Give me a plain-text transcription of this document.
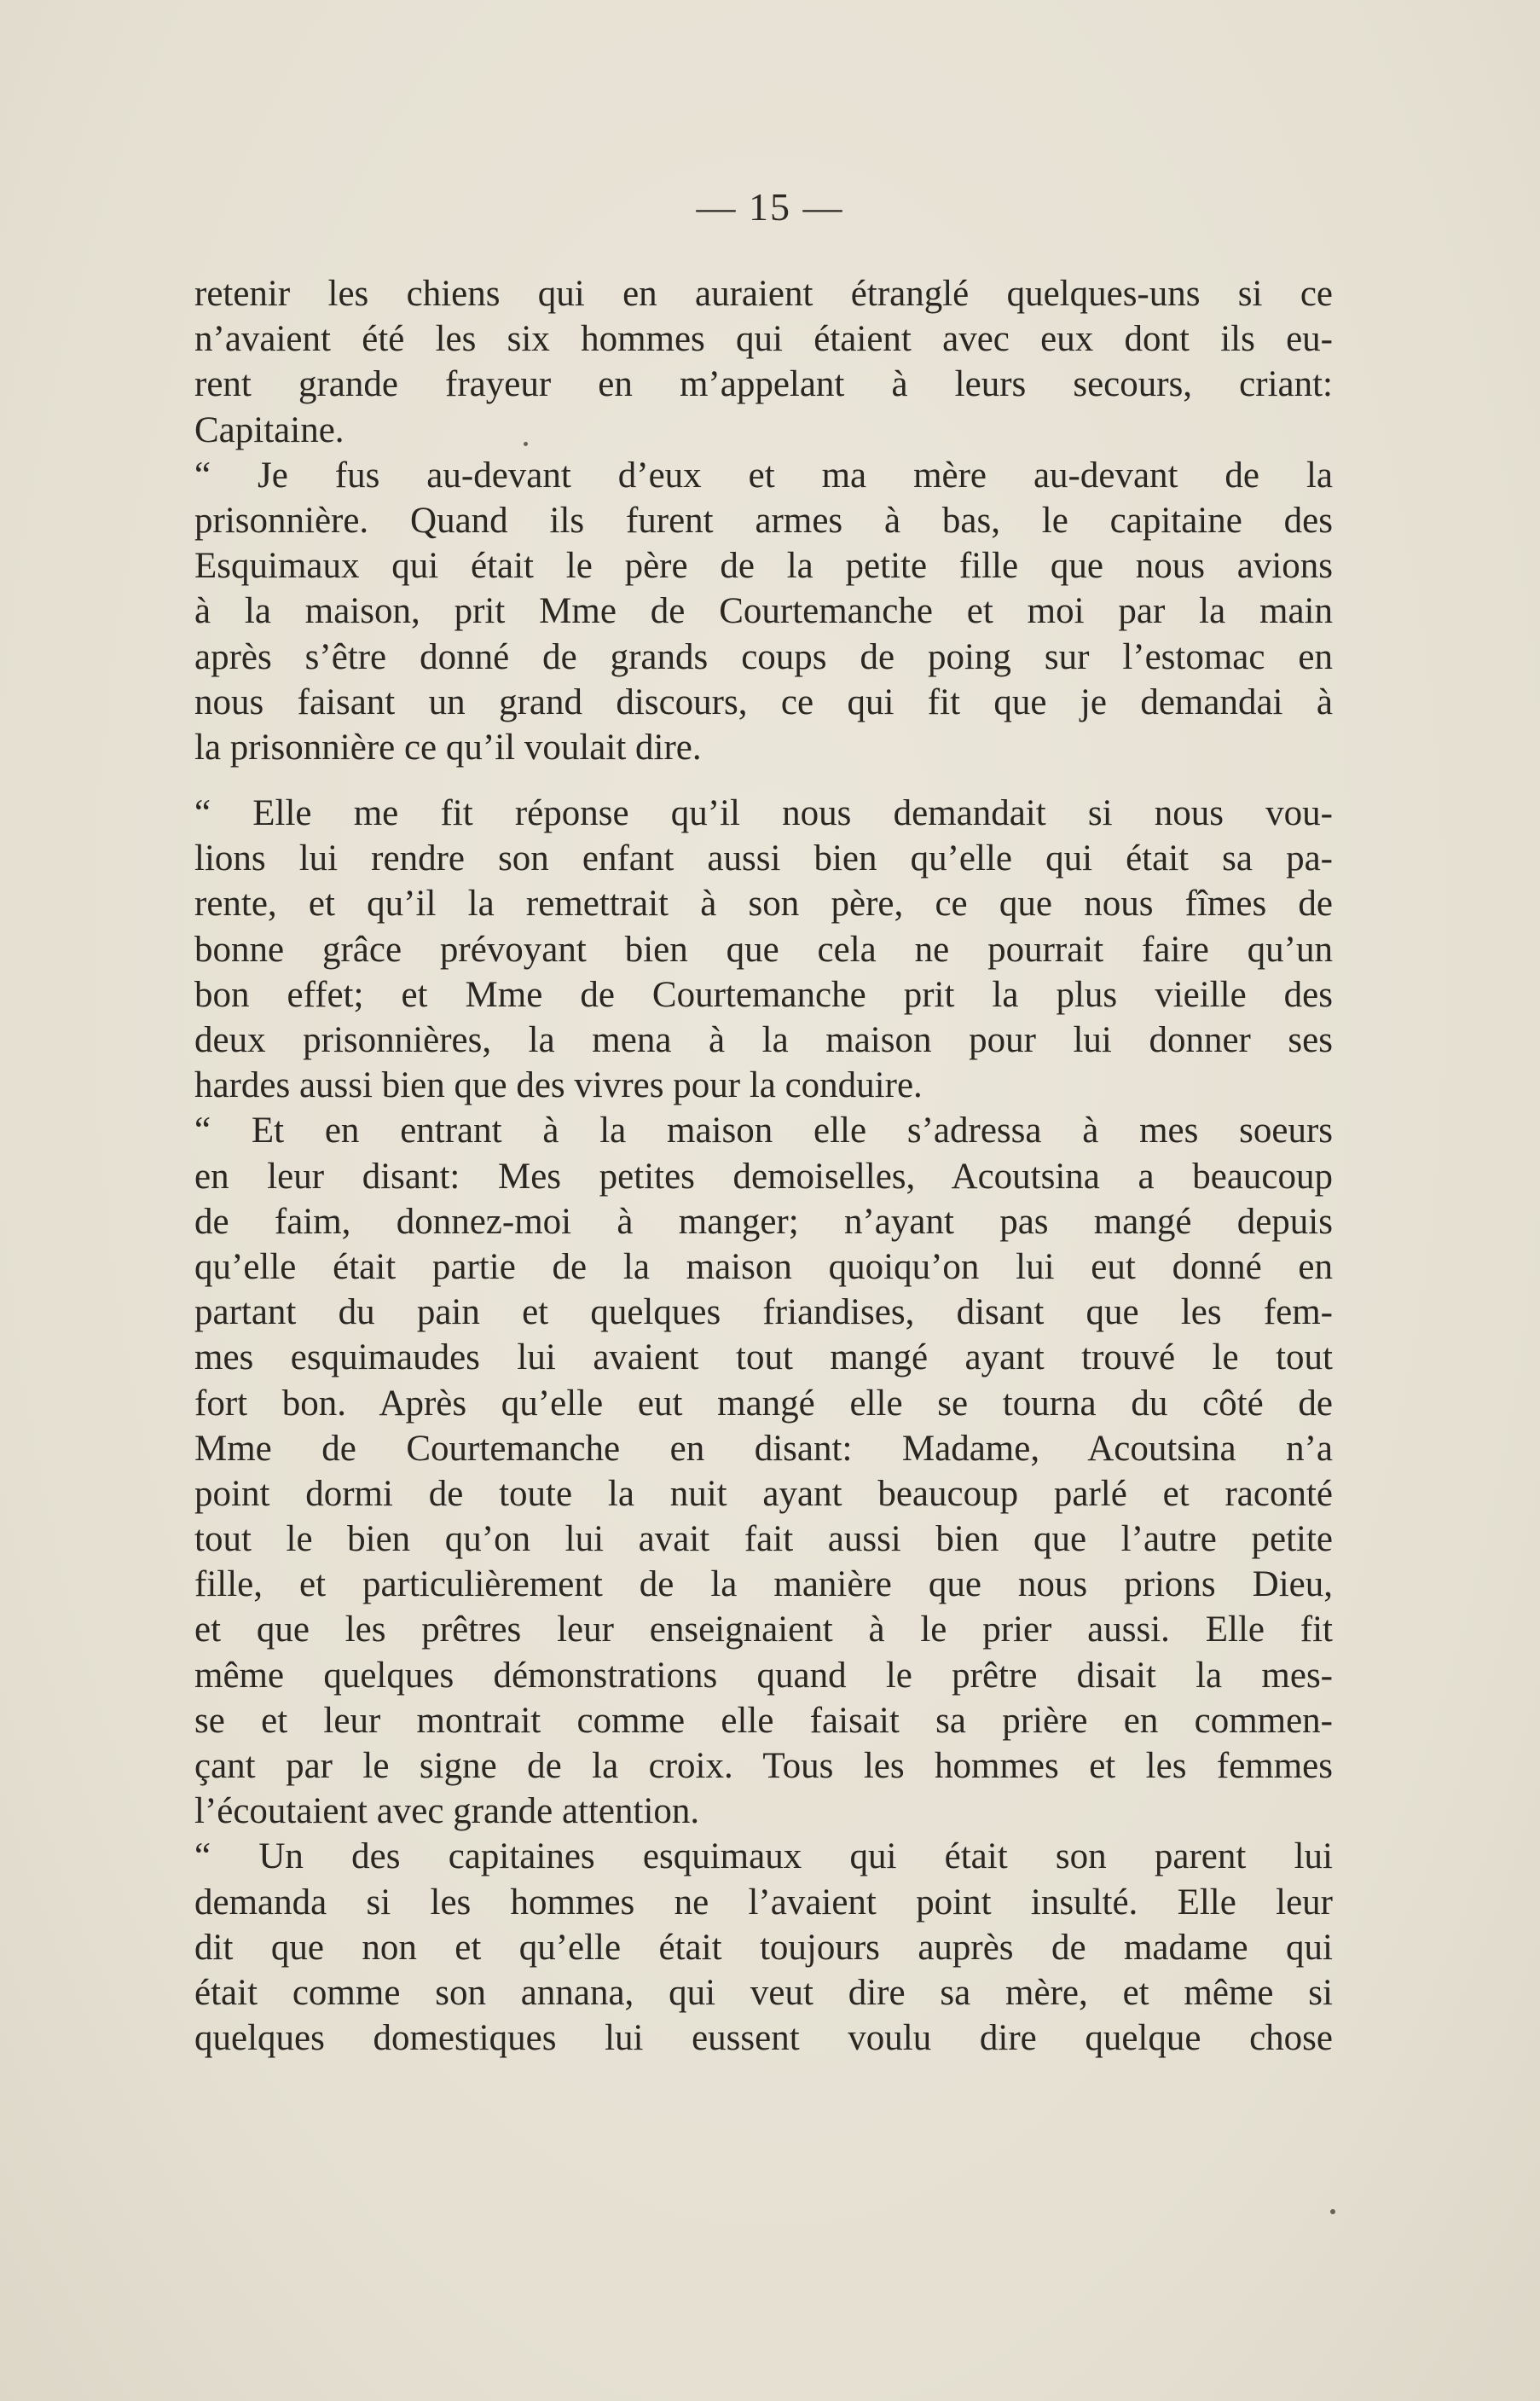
— 15 —
retenir les chiens qui en auraient étranglé quelques-uns si ce
n’avaient été les six hommes qui étaient avec eux dont ils eu-
rent grande frayeur en m’appelant à leurs secours, criant:
Capitaine.
“ Je fus au-devant d’eux et ma mère au-devant de la
prisonnière. Quand ils furent armes à bas, le capitaine des
Esquimaux qui était le père de la petite fille que nous avions
à la maison, prit Mme de Courtemanche et moi par la main
après s’être donné de grands coups de poing sur l’estomac en
nous faisant un grand discours, ce qui fit que je demandai à
la prisonnière ce qu’il voulait dire.
“ Elle me fit réponse qu’il nous demandait si nous vou-
lions lui rendre son enfant aussi bien qu’elle qui était sa pa-
rente, et qu’il la remettrait à son père, ce que nous fîmes de
bonne grâce prévoyant bien que cela ne pourrait faire qu’un
bon effet; et Mme de Courtemanche prit la plus vieille des
deux prisonnières, la mena à la maison pour lui donner ses
hardes aussi bien que des vivres pour la conduire.
“ Et en entrant à la maison elle s’adressa à mes soeurs
en leur disant: Mes petites demoiselles, Acoutsina a beaucoup
de faim, donnez-moi à manger; n’ayant pas mangé depuis
qu’elle était partie de la maison quoiqu’on lui eut donné en
partant du pain et quelques friandises, disant que les fem-
mes esquimaudes lui avaient tout mangé ayant trouvé le tout
fort bon. Après qu’elle eut mangé elle se tourna du côté de
Mme de Courtemanche en disant: Madame, Acoutsina n’a
point dormi de toute la nuit ayant beaucoup parlé et raconté
tout le bien qu’on lui avait fait aussi bien que l’autre petite
fille, et particulièrement de la manière que nous prions Dieu,
et que les prêtres leur enseignaient à le prier aussi. Elle fit
même quelques démonstrations quand le prêtre disait la mes-
se et leur montrait comme elle faisait sa prière en commen-
çant par le signe de la croix. Tous les hommes et les femmes
l’écoutaient avec grande attention.
“ Un des capitaines esquimaux qui était son parent lui
demanda si les hommes ne l’avaient point insulté. Elle leur
dit que non et qu’elle était toujours auprès de madame qui
était comme son annana, qui veut dire sa mère, et même si
quelques domestiques lui eussent voulu dire quelque chose
